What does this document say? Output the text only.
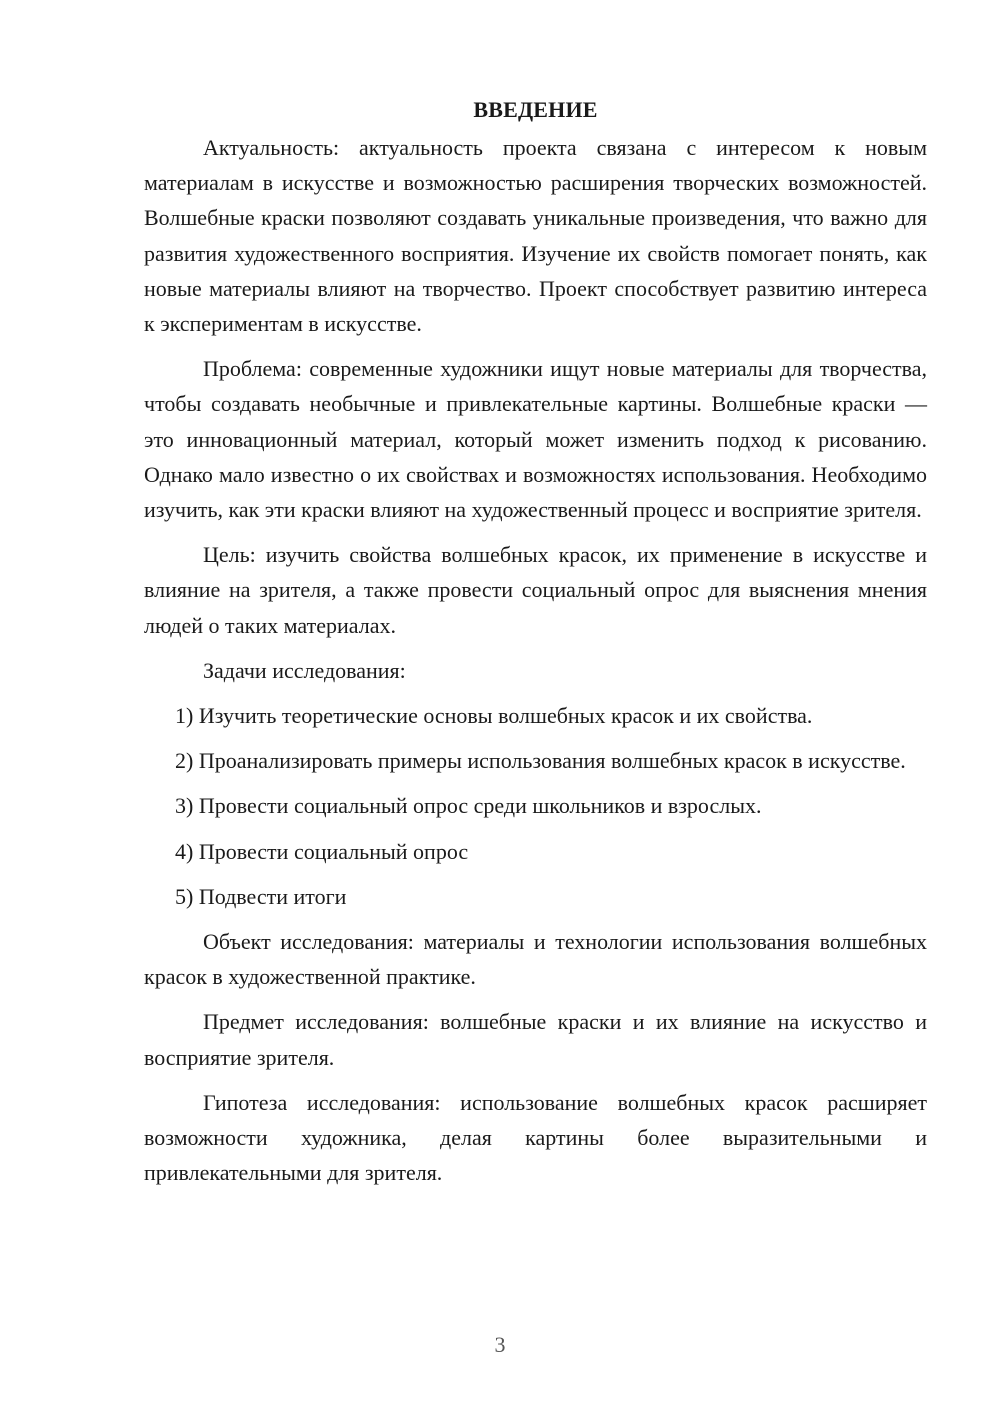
ВВЕДЕНИЕ

Актуальность: актуальность проекта связана с интересом к новым материалам в искусстве и возможностью расширения творческих возможностей. Волшебные краски позволяют создавать уникальные произведения, что важно для развития художественного восприятия. Изучение их свойств помогает понять, как новые материалы влияют на творчество. Проект способствует развитию интереса к экспериментам в искусстве.

Проблема: современные художники ищут новые материалы для творчества, чтобы создавать необычные и привлекательные картины. Волшебные краски — это инновационный материал, который может изменить подход к рисованию. Однако мало известно о их свойствах и возможностях использования. Необходимо изучить, как эти краски влияют на художественный процесс и восприятие зрителя.

Цель: изучить свойства волшебных красок, их применение в искусстве и влияние на зрителя, а также провести социальный опрос для выяснения мнения людей о таких материалах.

Задачи исследования:

1) Изучить теоретические основы волшебных красок и их свойства.

2) Проанализировать примеры использования волшебных красок в искусстве.

3) Провести социальный опрос среди школьников и взрослых.

4) Провести социальный опрос

5) Подвести итоги

Объект исследования: материалы и технологии использования волшебных красок в художественной практике.

Предмет исследования: волшебные краски и их влияние на искусство и восприятие зрителя.

Гипотеза исследования: использование волшебных красок расширяет возможности художника, делая картины более выразительными и привлекательными для зрителя.

3
